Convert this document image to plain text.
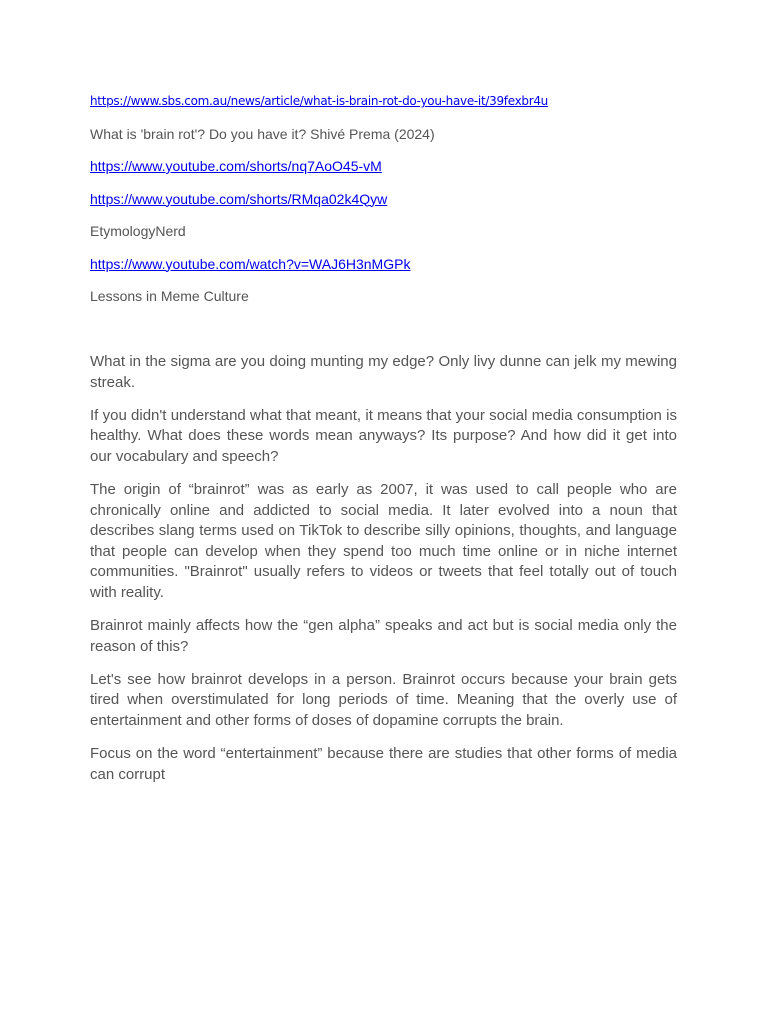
https://www.sbs.com.au/news/article/what-is-brain-rot-do-you-have-it/39fexbr4u
What is 'brain rot'? Do you have it? Shivé Prema (2024)
https://www.youtube.com/shorts/nq7AoO45-vM
https://www.youtube.com/shorts/RMqa02k4Qyw
EtymologyNerd
https://www.youtube.com/watch?v=WAJ6H3nMGPk
Lessons in Meme Culture

What in the sigma are you doing munting my edge? Only livy dunne can jelk my mewing streak.

If you didn't understand what that meant, it means that your social media consumption is healthy. What does these words mean anyways? Its purpose? And how did it get into our vocabulary and speech?

The origin of “brainrot” was as early as 2007, it was used to call people who are chronically online and addicted to social media. It later evolved into a noun that describes slang terms used on TikTok to describe silly opinions, thoughts, and language that people can develop when they spend too much time online or in niche internet communities. "Brainrot" usually refers to videos or tweets that feel totally out of touch with reality.

Brainrot mainly affects how the “gen alpha” speaks and act but is social media only the reason of this?

Let's see how brainrot develops in a person. Brainrot occurs because your brain gets tired when overstimulated for long periods of time. Meaning that the overly use of entertainment and other forms of doses of dopamine corrupts the brain.

Focus on the word “entertainment” because there are studies that other forms of media can corrupt
